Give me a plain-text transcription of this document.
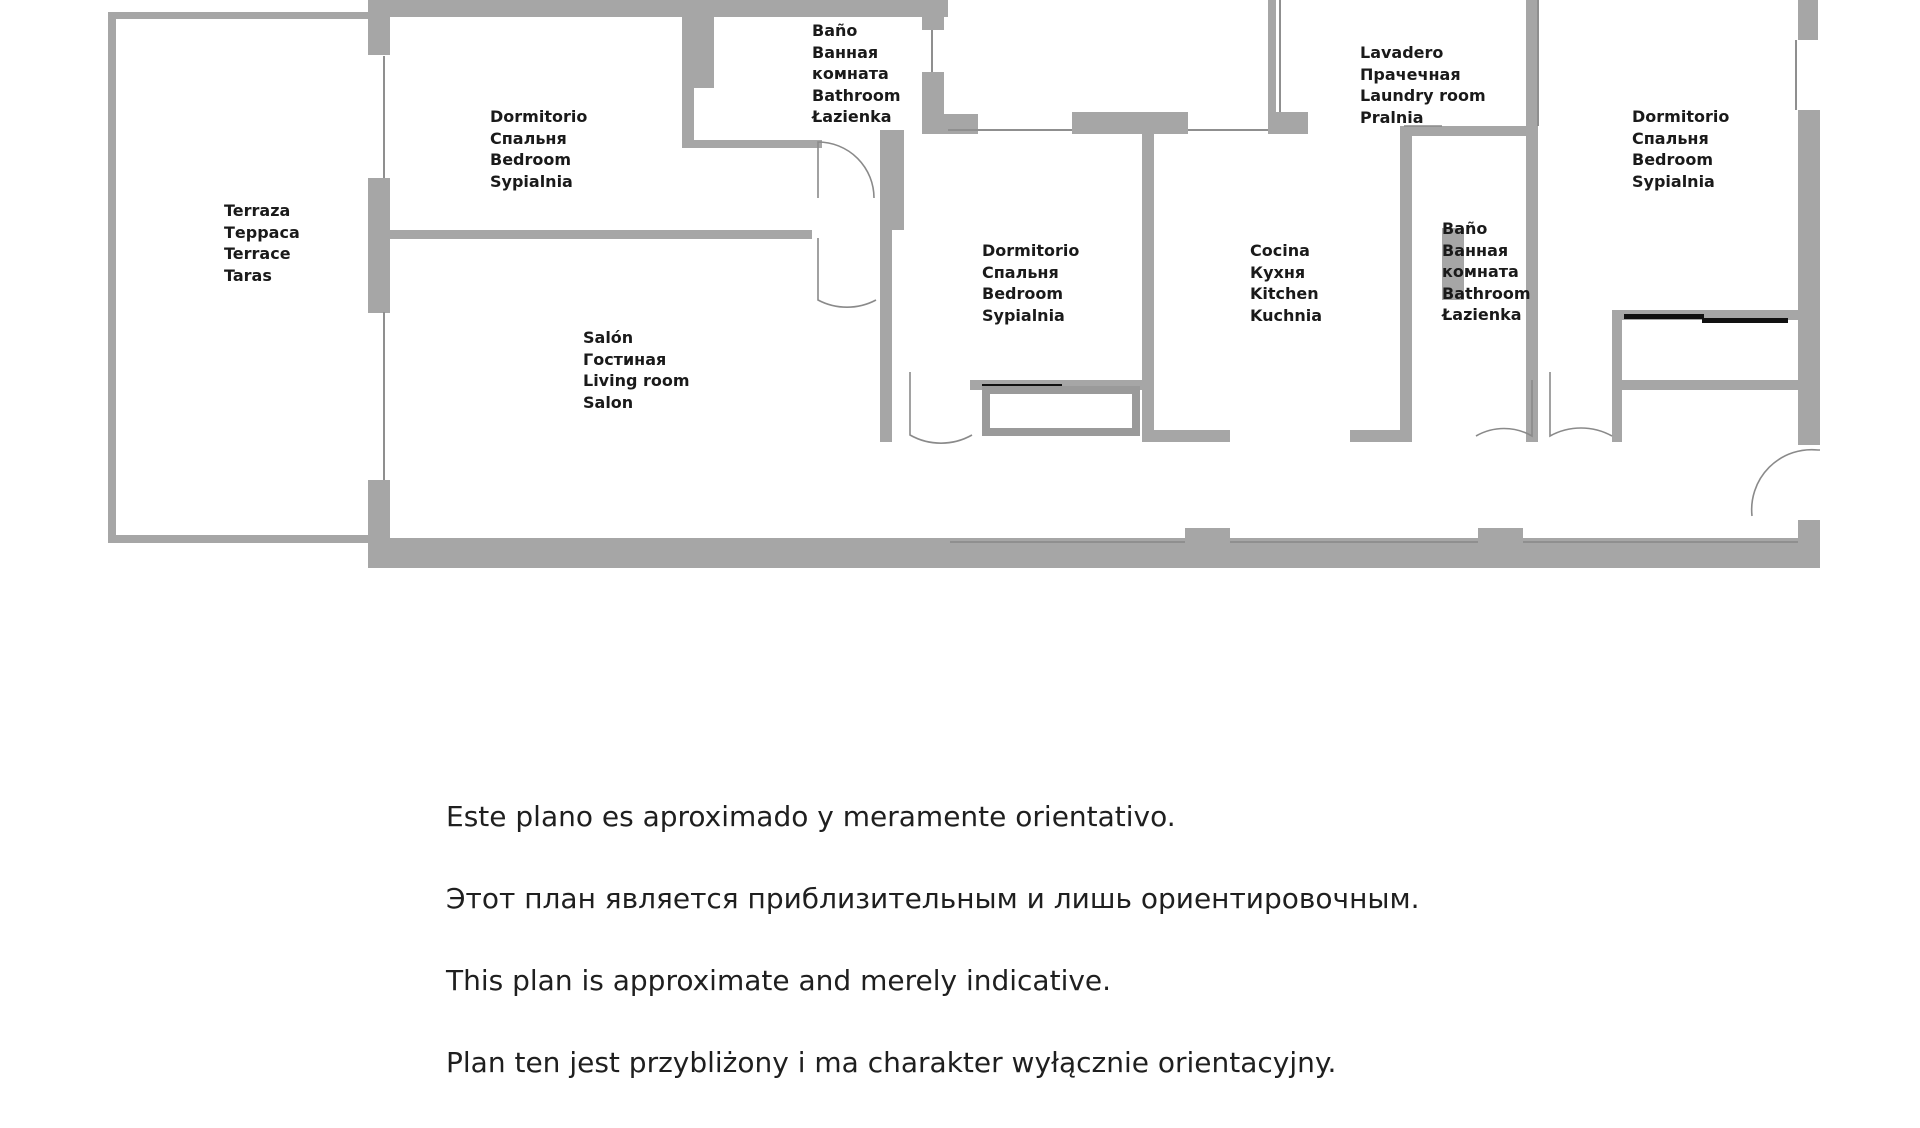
Terraza
Терраса
Terrace
Taras
Dormitorio
Спальня
Bedroom
Sypialnia
Baño
Ванная
комната
Bathroom
Łazienka
Salón
Гостиная
Living room
Salon
Dormitorio
Спальня
Bedroom
Sypialnia
Cocina
Кухня
Kitchen
Kuchnia
Lavadero
Прачечная
Laundry room
Pralnia
Baño
Ванная
комната
Bathroom
Łazienka
Dormitorio
Спальня
Bedroom
Sypialnia

Este plano es aproximado y meramente orientativo.

Этот план является приблизительным и лишь ориентировочным.

This plan is approximate and merely indicative.

Plan ten jest przybliżony i ma charakter wyłącznie orientacyjny.
